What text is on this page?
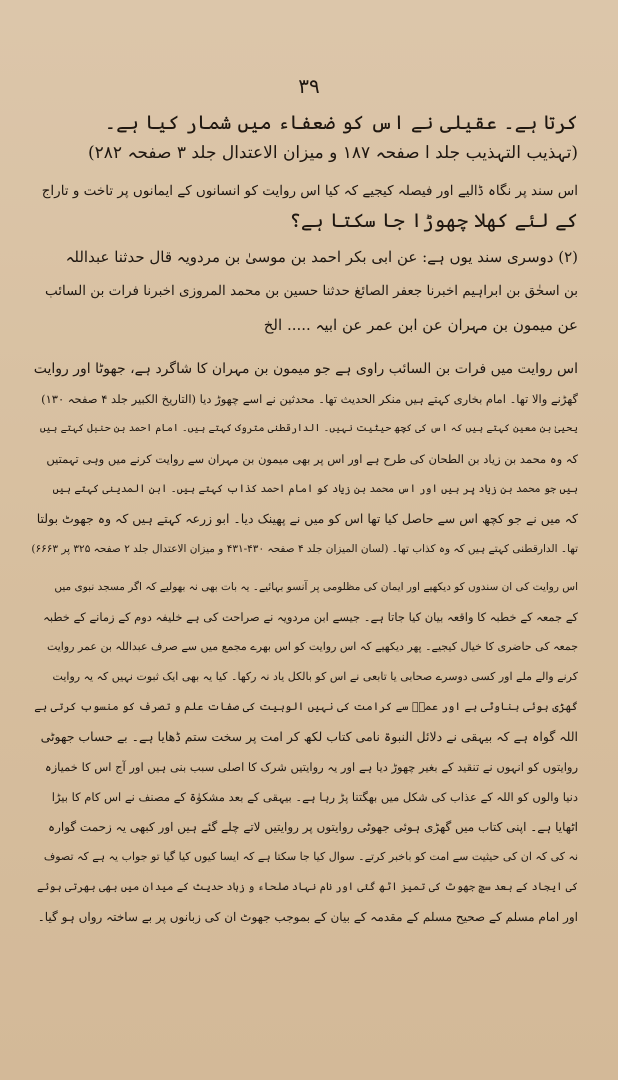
۳۹
کرتا ہے۔ عقیلی نے اس کو ضعفاء میں شمار کیا ہے۔
(تہذیب التہذیب جلد ا صفحہ ۱۸۷ و میزان الاعتدال جلد ۳ صفحہ ۲۸۲)
اس سند پر نگاہ ڈالیے اور فیصلہ کیجیے کہ کیا اس روایت کو انسانوں کے ایمانوں پر تاخت و تاراج
کے لئے کھلا چھوڑا جا سکتا ہے؟
(۲) دوسری سند یوں ہے: عن ابی بکر احمد بن موسیٰ بن مردویہ قال حدثنا عبداللہ
بن اسحٰق بن ابراہیم اخبرنا جعفر الصائغ حدثنا حسین بن محمد المروزی اخبرنا فرات بن السائب
عن میمون بن مہران عن ابن عمر عن ابیہ ..... الخ
اس روایت میں فرات بن السائب راوی ہے جو میمون بن مہران کا شاگرد ہے، جھوٹا اور روایت
گھڑنے والا تھا۔ امام بخاری کہتے ہیں منکر الحدیث تھا۔ محدثین نے اسے چھوڑ دیا (التاریخ الکبیر جلد ۴ صفحہ ۱۳۰)
یحییٰ بن معین کہتے ہیں کہ اس کی کچھ حیثیت نہیں۔ الدارقطنی متروک کہتے ہیں۔ امام احمد بن حنبل کہتے ہیں
کہ وہ محمد بن زیاد بن الطحان کی طرح ہے اور اس پر بھی میمون بن مہران سے روایت کرنے میں وہی تہمتیں
ہیں جو محمد بن زیاد پر ہیں اور اس محمد بن زیاد کو امام احمد کذاب کہتے ہیں۔ ابن المدینی کہتے ہیں
کہ میں نے جو کچھ اس سے حاصل کیا تھا اس کو میں نے پھینک دیا۔ ابو زرعہ کہتے ہیں کہ وہ جھوٹ بولتا
تھا۔ الدارقطنی کہتے ہیں کہ وہ کذاب تھا۔ (لسان المیزان جلد ۴ صفحہ ۴۳۰-۴۳۱ و میزان الاعتدال جلد ۲ صفحہ ۳۲۵ پر ۶۶۶۳)
اس روایت کی ان سندوں کو دیکھیے اور ایمان کی مظلومی پر آنسو بہائیے۔ یہ بات بھی نہ بھولیے کہ اگر مسجد نبوی میں
کے جمعہ کے خطبہ کا واقعہ بیان کیا جاتا ہے۔ جیسے ابن مردویہ نے صراحت کی ہے خلیفہ دوم کے زمانے کے خطبہ
جمعہ کی حاضری کا خیال کیجیے۔ پھر دیکھیے کہ اس روایت کو اس بھرے مجمع میں سے صرف عبداللہ بن عمر روایت
کرنے والے ملے اور کسی دوسرے صحابی یا تابعی نے اس کو بالکل یاد نہ رکھا۔ کیا یہ بھی ایک ثبوت نہیں کہ یہ روایت
گھڑی ہوئی بناوٹی ہے اور عمرؓ سے کرامت کی نہیں الوہیت کی صفات علم و تصرف کو منسوب کرتی ہے
اللہ گواہ ہے کہ بیہقی نے دلائل النبوۃ نامی کتاب لکھ کر امت پر سخت ستم ڈھایا ہے۔ بے حساب جھوٹی
روایتوں کو انہوں نے تنقید کے بغیر چھوڑ دیا ہے اور یہ روایتیں شرک کا اصلی سبب بنی ہیں اور آج اس کا خمیازہ
دنیا والوں کو اللہ کے عذاب کی شکل میں بھگتنا پڑ رہا ہے۔ بیہقی کے بعد مشکوٰۃ کے مصنف نے اس کام کا بیڑا
اٹھایا ہے۔ اپنی کتاب میں گھڑی ہوئی جھوٹی روایتوں پر روایتیں لاتے چلے گئے ہیں اور کبھی یہ زحمت گوارہ
نہ کی کہ ان کی حیثیت سے امت کو باخبر کرتے۔ سوال کیا جا سکتا ہے کہ ایسا کیوں کیا گیا تو جواب یہ ہے کہ تصوف
کی ایجاد کے بعد سچ جھوٹ کی تمیز اٹھ گئی اور نام نہاد صلحاء و زہاد حدیث کے میدان میں بھی بھرتی ہوئے
اور امام مسلم کے صحیح مسلم کے مقدمہ کے بیان کے بموجب جھوٹ ان کی زبانوں پر بے ساختہ رواں ہو گیا۔
